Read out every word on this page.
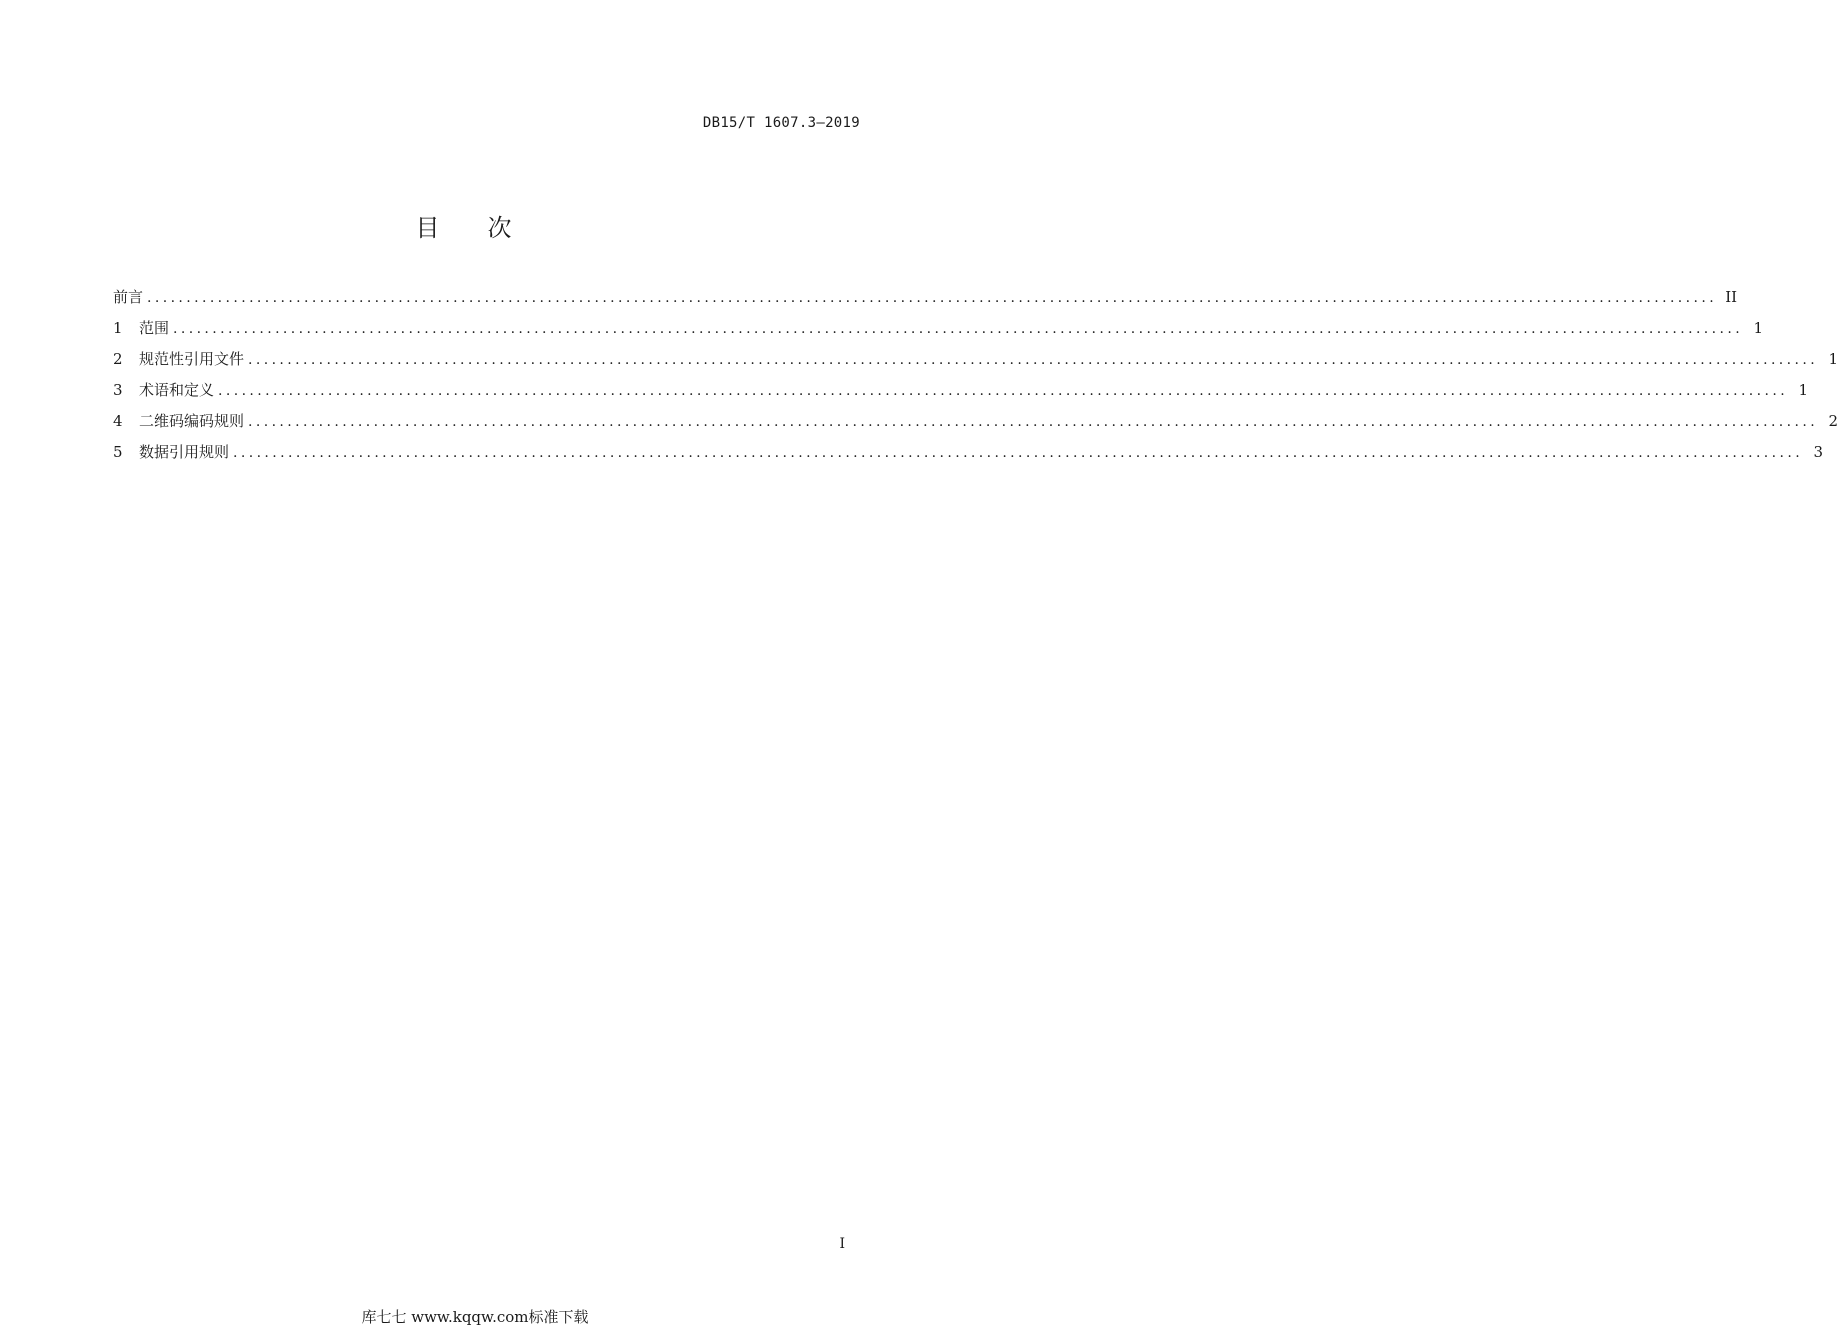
DB15/T 1607.3—2019
目次
前言 ........................................................................................................................................................................................................ II
1	范围 ........................................................................................................................................................................................................ 1
2	规范性引用文件 ........................................................................................................................................................................................................ 1
3	术语和定义 ........................................................................................................................................................................................................ 1
4	二维码编码规则 ........................................................................................................................................................................................................ 2
5	数据引用规则 ........................................................................................................................................................................................................ 3
I
库七七 www.kqqw.com标准下载
